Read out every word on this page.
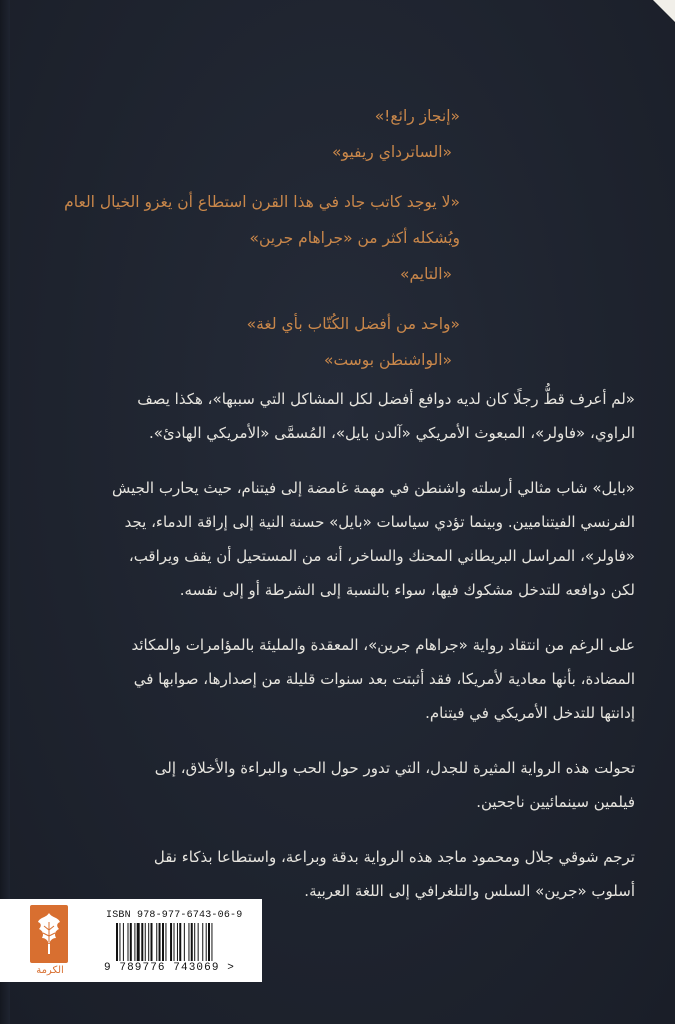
«إنجاز رائع!»
«الساترداي ريفيو»
«لا يوجد كاتب جاد في هذا القرن استطاع أن يغزو الخيال العام
ويُشكله أكثر من «جراهام جرين»
«التايم»
«واحد من أفضل الكُتّاب بأي لغة»
«الواشنطن بوست»
«لم أعرف قطُّ رجلًا كان لديه دوافع أفضل لكل المشاكل التي سببها»، هكذا يصف
الراوي، «فاولر»، المبعوث الأمريكي «آلدن بايل»، المُسمَّى «الأمريكي الهادئ».
«بايل» شاب مثالي أرسلته واشنطن في مهمة غامضة إلى فيتنام، حيث يحارب الجيش
الفرنسي الفيتناميين. وبينما تؤدي سياسات «بايل» حسنة النية إلى إراقة الدماء، يجد
«فاولر»، المراسل البريطاني المحنك والساخر، أنه من المستحيل أن يقف ويراقب،
لكن دوافعه للتدخل مشكوك فيها، سواء بالنسبة إلى الشرطة أو إلى نفسه.
على الرغم من انتقاد رواية «جراهام جرين»، المعقدة والمليئة بالمؤامرات والمكائد
المضادة، بأنها معادية لأمريكا، فقد أثبتت بعد سنوات قليلة من إصدارها، صوابها في
إدانتها للتدخل الأمريكي في فيتنام.
تحولت هذه الرواية المثيرة للجدل، التي تدور حول الحب والبراءة والأخلاق، إلى
فيلمين سينمائيين ناجحين.
ترجم شوقي جلال ومحمود ماجد هذه الرواية بدقة وبراعة، واستطاعا بذكاء نقل
أسلوب «جرين» السلس والتلغرافي إلى اللغة العربية.
الكرمة
ISBN 978-977-6743-06-9
9 789776 743069 >
